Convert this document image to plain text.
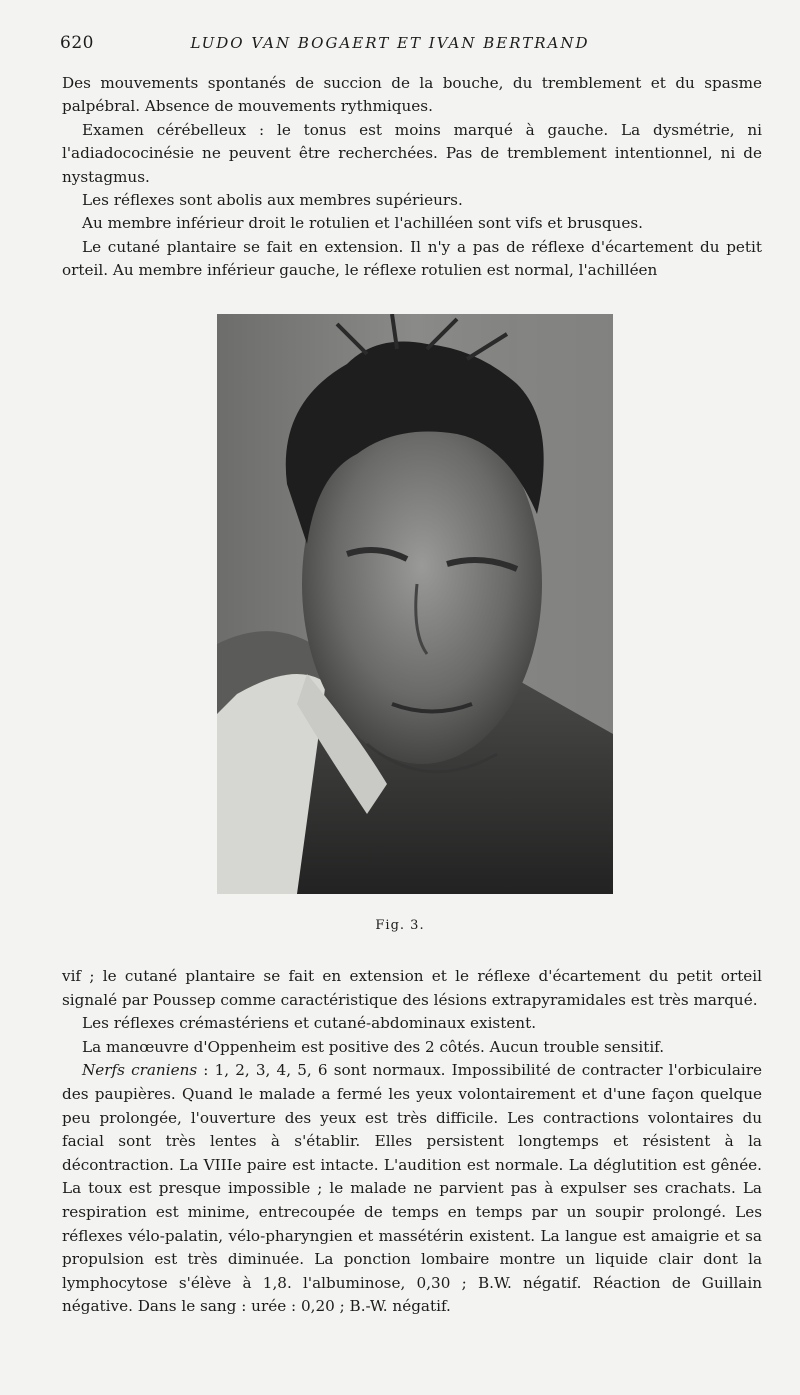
620	LUDO VAN BOGAERT ET IVAN BERTRAND

Des mouvements spontanés de succion de la bouche, du tremblement et du spasme palpébral. Absence de mouvements rythmiques.

Examen cérébelleux : le tonus est moins marqué à gauche. La dysmétrie, ni l'adiadococinésie ne peuvent être recherchées. Pas de tremblement intentionnel, ni de nystagmus.

Les réflexes sont abolis aux membres supérieurs.

Au membre inférieur droit le rotulien et l'achilléen sont vifs et brusques.

Le cutané plantaire se fait en extension. Il n'y a pas de réflexe d'écartement du petit orteil. Au membre inférieur gauche, le réflexe rotulien est normal, l'achilléen

Fig. 3.

vif ; le cutané plantaire se fait en extension et le réflexe d'écartement du petit orteil signalé par Poussep comme caractéristique des lésions extrapyramidales est très marqué.

Les réflexes crémastériens et cutané-abdominaux existent.

La manœuvre d'Oppenheim est positive des 2 côtés. Aucun trouble sensitif.

Nerfs craniens : 1, 2, 3, 4, 5, 6 sont normaux. Impossibilité de contracter l'orbiculaire des paupières. Quand le malade a fermé les yeux volontairement et d'une façon quelque peu prolongée, l'ouverture des yeux est très difficile. Les contractions volontaires du facial sont très lentes à s'établir. Elles persistent longtemps et résistent à la décontraction. La VIIIe paire est intacte. L'audition est normale. La déglutition est gênée. La toux est presque impossible ; le malade ne parvient pas à expulser ses crachats. La respiration est minime, entrecoupée de temps en temps par un soupir prolongé. Les réflexes vélo-palatin, vélo-pharyngien et massétérin existent. La langue est amaigrie et sa propulsion est très diminuée. La ponction lombaire montre un liquide clair dont la lymphocytose s'élève à 1,8. l'albuminose, 0,30 ; B.W. négatif. Réaction de Guillain négative. Dans le sang : urée : 0,20 ; B.-W. négatif.
